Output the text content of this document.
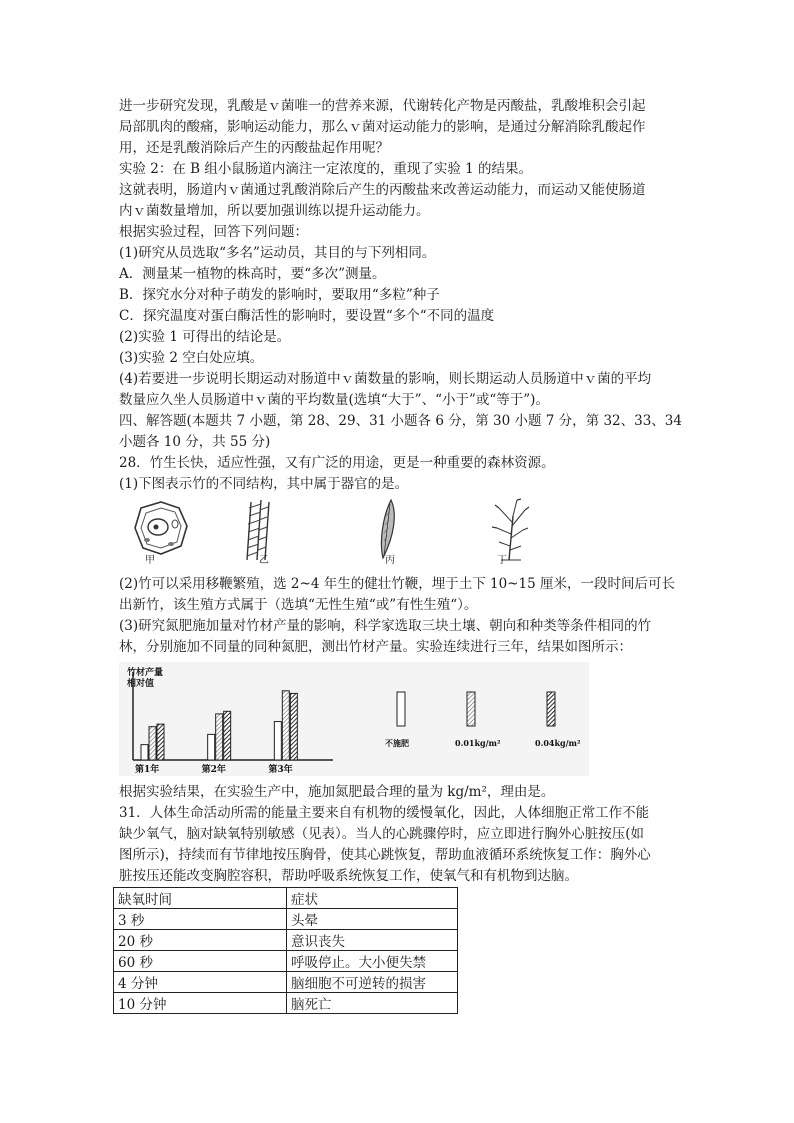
进一步研究发现，乳酸是ｖ菌唯一的营养来源，代谢转化产物是丙酸盐，乳酸堆积会引起
局部肌肉的酸痛，影响运动能力，那么ｖ菌对运动能力的影响，是通过分解消除乳酸起作
用，还是乳酸消除后产生的丙酸盐起作用呢？
实验 2：在 B 组小鼠肠道内滴注一定浓度的，重现了实验 1 的结果。
这就表明，肠道内ｖ菌通过乳酸消除后产生的丙酸盐来改善运动能力，而运动又能使肠道
内ｖ菌数量增加，所以要加强训练以提升运动能力。
根据实验过程，回答下列问题：
(1)研究从员选取“多名”运动员，其目的与下列相同。
A．测量某一植物的株高时，要“多次”测量。
B．探究水分对种子萌发的影响时，要取用“多粒”种子
C．探究温度对蛋白酶活性的影响时，要设置“多个“不同的温度
(2)实验 1 可得出的结论是。
(3)实验 2 空白处应填。
(4)若要进一步说明长期运动对肠道中ｖ菌数量的影响，则长期运动人员肠道中ｖ菌的平均
数量应久坐人员肠道中ｖ菌的平均数量(选填“大于”、“小于”或“等于”)。
四、解答题(本题共 7 小题，第 28、29、31 小题各 6 分，第 30 小题 7 分，第 32、33、34
小题各 10 分，共 55 分)
28．竹生长快，适应性强，又有广泛的用途，更是一种重要的森林资源。
(1)下图表示竹的不同结构，其中属于器官的是。
甲	乙	丙	丁
(2)竹可以采用移鞭繁殖，选 2~4 年生的健壮竹鞭，埋于土下 10~15 厘米，一段时间后可长
出新竹，该生殖方式属于（选填“无性生殖“或”有性生殖“）。
(3)研究氮肥施加量对竹材产量的影响，科学家选取三块土壤、朝向和种类等条件相同的竹
林，分别施加不同量的同种氮肥，测出竹材产量。实验连续进行三年，结果如图所示：
第1年	第2年	第3年
不施肥	0.01kg/m²	0.04kg/m²
竹材产量
相对值
根据实验结果，在实验生产中，施加氮肥最合理的量为 kg/m²，理由是。
31．人体生命活动所需的能量主要来自有机物的缓慢氧化，因此，人体细胞正常工作不能
缺少氧气，脑对缺氧特别敏感（见表）。当人的心跳骤停时，应立即进行胸外心脏按压(如
图所示)，持续而有节律地按压胸骨，使其心跳恢复，帮助血液循环系统恢复工作：胸外心
脏按压还能改变胸腔容积，帮助呼吸系统恢复工作，使氧气和有机物到达脑。
缺氧时间	症状
3 秒	头晕
20 秒	意识丧失
60 秒	呼吸停止。大小便失禁
4 分钟	脑细胞不可逆转的损害
10 分钟	脑死亡
